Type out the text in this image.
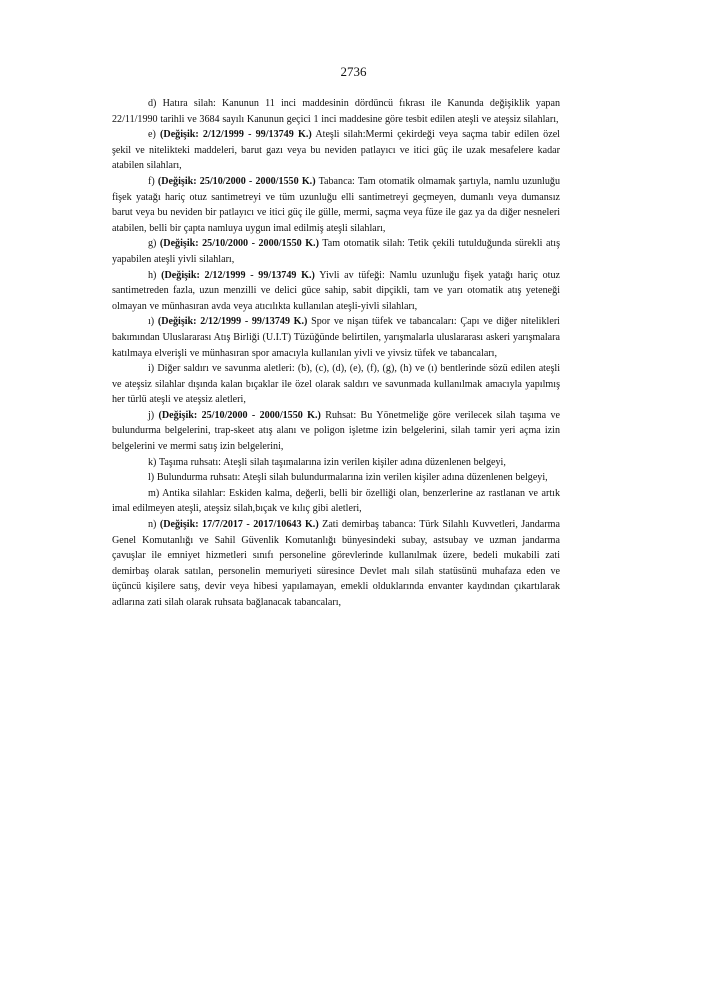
2736

d) Hatıra silah: Kanunun 11 inci maddesinin dördüncü fıkrası ile Kanunda değişiklik yapan 22/11/1990 tarihli ve 3684 sayılı Kanunun geçici 1 inci maddesine göre tesbit edilen ateşli ve ateşsiz silahları,

e) (Değişik: 2/12/1999 - 99/13749 K.) Ateşli silah:Mermi çekirdeği veya saçma tabir edilen özel şekil ve nitelikteki maddeleri, barut gazı veya bu neviden patlayıcı ve itici güç ile uzak mesafelere kadar atabilen silahları,

f) (Değişik: 25/10/2000 - 2000/1550 K.) Tabanca: Tam otomatik olmamak şartıyla, namlu uzunluğu fişek yatağı hariç otuz santimetreyi ve tüm uzunluğu elli santimetreyi geçmeyen, dumanlı veya dumansız barut veya bu neviden bir patlayıcı ve itici güç ile gülle, mermi, saçma veya füze ile gaz ya da diğer nesneleri atabilen, belli bir çapta namluya uygun imal edilmiş ateşli silahları,

g) (Değişik: 25/10/2000 - 2000/1550 K.) Tam otomatik silah: Tetik çekili tutulduğunda sürekli atış yapabilen ateşli yivli silahları,

h) (Değişik: 2/12/1999 - 99/13749 K.) Yivli av tüfeği: Namlu uzunluğu fişek yatağı hariç otuz santimetreden fazla, uzun menzilli ve delici güce sahip, sabit dipçikli, tam ve yarı otomatik atış yeteneği olmayan ve münhasıran avda veya atıcılıkta kullanılan ateşli-yivli silahları,

ı) (Değişik: 2/12/1999 - 99/13749 K.) Spor ve nişan tüfek ve tabancaları: Çapı ve diğer nitelikleri bakımından Uluslararası Atış Birliği (U.I.T) Tüzüğünde belirtilen, yarışmalarla uluslararası askeri yarışmalara katılmaya elverişli ve münhasıran spor amacıyla kullanılan yivli ve yivsiz tüfek ve tabancaları,

i) Diğer saldırı ve savunma aletleri: (b), (c), (d), (e), (f), (g), (h) ve (ı) bentlerinde sözü edilen ateşli ve ateşsiz silahlar dışında kalan bıçaklar ile özel olarak saldırı ve savunmada kullanılmak amacıyla yapılmış her türlü ateşli ve ateşsiz aletleri,

j) (Değişik: 25/10/2000 - 2000/1550 K.) Ruhsat: Bu Yönetmeliğe göre verilecek silah taşıma ve bulundurma belgelerini, trap-skeet atış alanı ve poligon işletme izin belgelerini, silah tamir yeri açma izin belgelerini ve mermi satış izin belgelerini,

k) Taşıma ruhsatı: Ateşli silah taşımalarına izin verilen kişiler adına düzenlenen belgeyi,

l) Bulundurma ruhsatı: Ateşli silah bulundurmalarına izin verilen kişiler adına düzenlenen belgeyi,

m) Antika silahlar: Eskiden kalma, değerli, belli bir özelliği olan, benzerlerine az rastlanan ve artık imal edilmeyen ateşli, ateşsiz silah,bıçak ve kılıç gibi aletleri,

n) (Değişik: 17/7/2017 - 2017/10643 K.) Zati demirbaş tabanca: Türk Silahlı Kuvvetleri, Jandarma Genel Komutanlığı ve Sahil Güvenlik Komutanlığı bünyesindeki subay, astsubay ve uzman jandarma çavuşlar ile emniyet hizmetleri sınıfı personeline görevlerinde kullanılmak üzere, bedeli mukabili zati demirbaş olarak satılan, personelin memuriyeti süresince Devlet malı silah statüsünü muhafaza eden ve üçüncü kişilere satış, devir veya hibesi yapılamayan, emekli olduklarında envanter kaydından çıkartılarak adlarına zati silah olarak ruhsata bağlanacak tabancaları,
